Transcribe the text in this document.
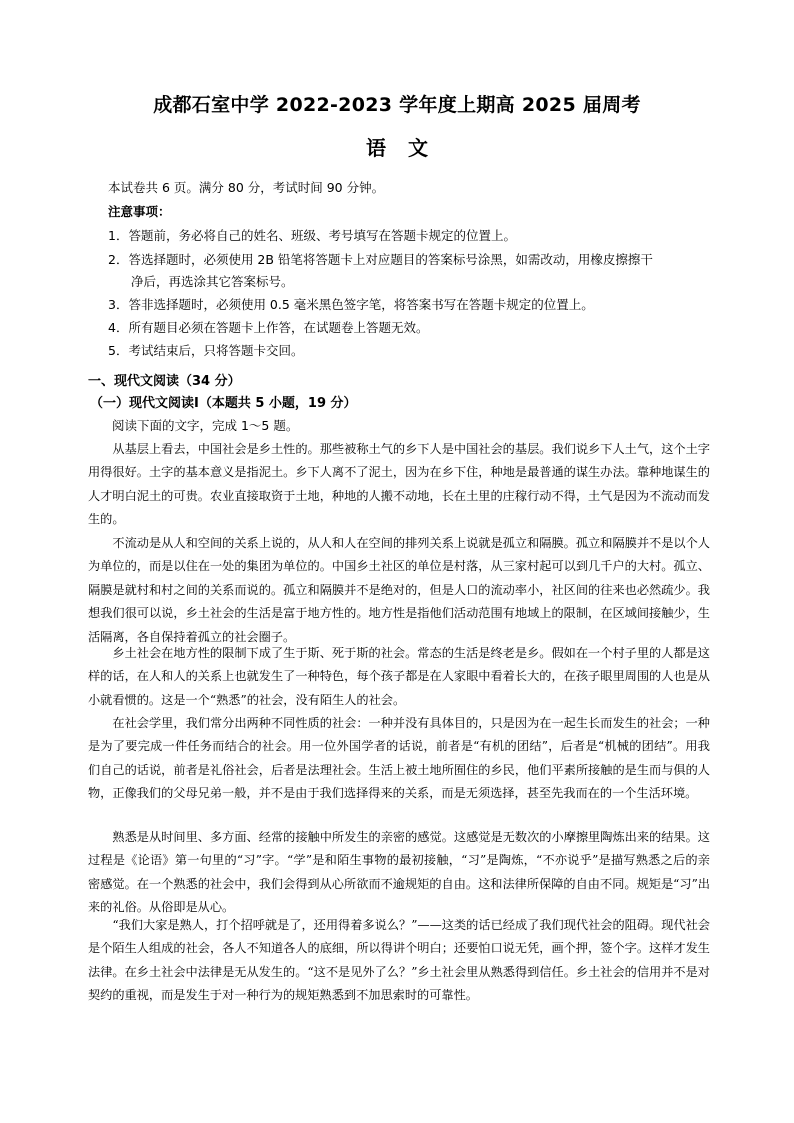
成都石室中学 2022-2023 学年度上期高 2025 届周考
语文
本试卷共 6 页。满分 80 分，考试时间 90 分钟。
注意事项：
1．答题前，务必将自己的姓名、班级、考号填写在答题卡规定的位置上。
2．答选择题时，必须使用 2B 铅笔将答题卡上对应题目的答案标号涂黑，如需改动，用橡皮擦擦干
净后，再选涂其它答案标号。
3．答非选择题时，必须使用 0.5 毫米黑色签字笔，将答案书写在答题卡规定的位置上。
4．所有题目必须在答题卡上作答，在试题卷上答题无效。
5．考试结束后，只将答题卡交回。
一、现代文阅读（34 分）
（一）现代文阅读Ⅰ（本题共 5 小题，19 分）
阅读下面的文字，完成 1～5 题。

从基层上看去，中国社会是乡土性的。那些被称土气的乡下人是中国社会的基层。我们说乡下人土气，这个土字用得很好。土字的基本意义是指泥土。乡下人离不了泥土，因为在乡下住，种地是最普通的谋生办法。靠种地谋生的人才明白泥土的可贵。农业直接取资于土地，种地的人搬不动地，长在土里的庄稼行动不得，土气是因为不流动而发生的。

不流动是从人和空间的关系上说的，从人和人在空间的排列关系上说就是孤立和隔膜。孤立和隔膜并不是以个人为单位的，而是以住在一处的集团为单位的。中国乡土社区的单位是村落，从三家村起可以到几千户的大村。孤立、隔膜是就村和村之间的关系而说的。孤立和隔膜并不是绝对的，但是人口的流动率小，社区间的往来也必然疏少。我想我们很可以说，乡土社会的生活是富于地方性的。地方性是指他们活动范围有地域上的限制，在区域间接触少，生活隔离，各自保持着孤立的社会圈子。

乡土社会在地方性的限制下成了生于斯、死于斯的社会。常态的生活是终老是乡。假如在一个村子里的人都是这样的话，在人和人的关系上也就发生了一种特色，每个孩子都是在人家眼中看着长大的，在孩子眼里周围的人也是从小就看惯的。这是一个“熟悉”的社会，没有陌生人的社会。

在社会学里，我们常分出两种不同性质的社会：一种并没有具体目的，只是因为在一起生长而发生的社会；一种是为了要完成一件任务而结合的社会。用一位外国学者的话说，前者是“有机的团结”，后者是“机械的团结”。用我们自己的话说，前者是礼俗社会，后者是法理社会。生活上被土地所囿住的乡民，他们平素所接触的是生而与俱的人物，正像我们的父母兄弟一般，并不是由于我们选择得来的关系，而是无须选择，甚至先我而在的一个生活环境。

熟悉是从时间里、多方面、经常的接触中所发生的亲密的感觉。这感觉是无数次的小摩擦里陶炼出来的结果。这过程是《论语》第一句里的“习”字。“学”是和陌生事物的最初接触，“习”是陶炼，“不亦说乎”是描写熟悉之后的亲密感觉。在一个熟悉的社会中，我们会得到从心所欲而不逾规矩的自由。这和法律所保障的自由不同。规矩是“习”出来的礼俗。从俗即是从心。

“我们大家是熟人，打个招呼就是了，还用得着多说么？”——这类的话已经成了我们现代社会的阻碍。现代社会是个陌生人组成的社会，各人不知道各人的底细，所以得讲个明白；还要怕口说无凭，画个押，签个字。这样才发生法律。在乡土社会中法律是无从发生的。“这不是见外了么？”乡土社会里从熟悉得到信任。乡土社会的信用并不是对契约的重视，而是发生于对一种行为的规矩熟悉到不加思索时的可靠性。
